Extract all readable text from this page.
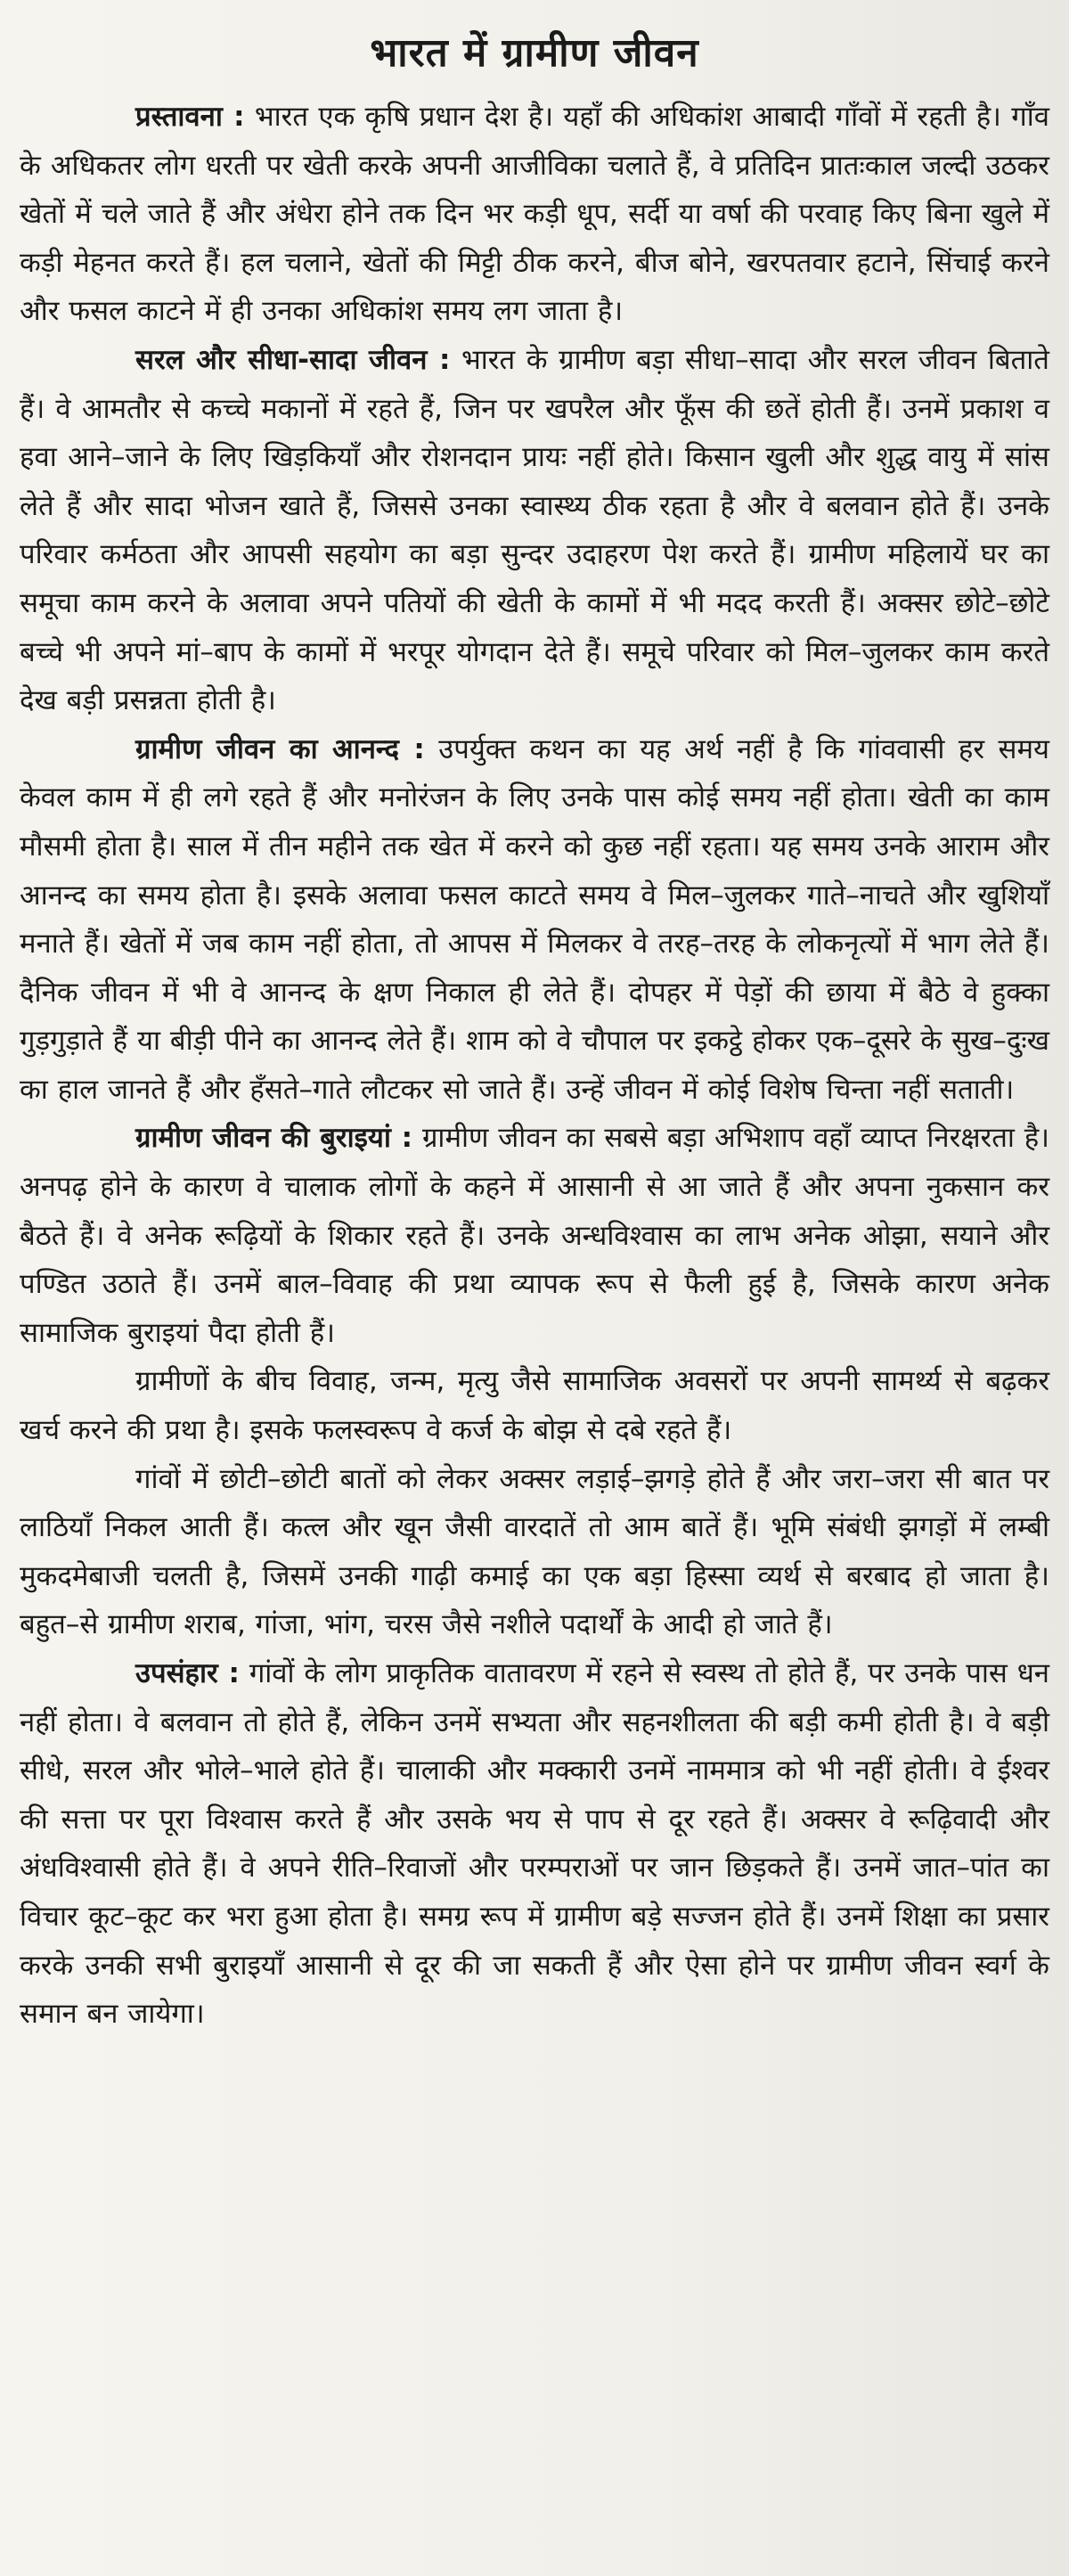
भारत में ग्रामीण जीवन

प्रस्तावना : भारत एक कृषि प्रधान देश है। यहाँ की अधिकांश आबादी गाँवों में रहती है। गाँव के अधिकतर लोग धरती पर खेती करके अपनी आजीविका चलाते हैं, वे प्रतिदिन प्रातःकाल जल्दी उठकर खेतों में चले जाते हैं और अंधेरा होने तक दिन भर कड़ी धूप, सर्दी या वर्षा की परवाह किए बिना खुले में कड़ी मेहनत करते हैं। हल चलाने, खेतों की मिट्टी ठीक करने, बीज बोने, खरपतवार हटाने, सिंचाई करने और फसल काटने में ही उनका अधिकांश समय लग जाता है।

सरल और सीधा-सादा जीवन : भारत के ग्रामीण बड़ा सीधा–सादा और सरल जीवन बिताते हैं। वे आमतौर से कच्चे मकानों में रहते हैं, जिन पर खपरैल और फूँस की छतें होती हैं। उनमें प्रकाश व हवा आने–जाने के लिए खिड़कियाँ और रोशनदान प्रायः नहीं होते। किसान खुली और शुद्ध वायु में सांस लेते हैं और सादा भोजन खाते हैं, जिससे उनका स्वास्थ्य ठीक रहता है और वे बलवान होते हैं। उनके परिवार कर्मठता और आपसी सहयोग का बड़ा सुन्दर उदाहरण पेश करते हैं। ग्रामीण महिलायें घर का समूचा काम करने के अलावा अपने पतियों की खेती के कामों में भी मदद करती हैं। अक्सर छोटे–छोटे बच्चे भी अपने मां–बाप के कामों में भरपूर योगदान देते हैं। समूचे परिवार को मिल–जुलकर काम करते देख बड़ी प्रसन्नता होती है।

ग्रामीण जीवन का आनन्द : उपर्युक्त कथन का यह अर्थ नहीं है कि गांववासी हर समय केवल काम में ही लगे रहते हैं और मनोरंजन के लिए उनके पास कोई समय नहीं होता। खेती का काम मौसमी होता है। साल में तीन महीने तक खेत में करने को कुछ नहीं रहता। यह समय उनके आराम और आनन्द का समय होता है। इसके अलावा फसल काटते समय वे मिल–जुलकर गाते–नाचते और खुशियाँ मनाते हैं। खेतों में जब काम नहीं होता, तो आपस में मिलकर वे तरह–तरह के लोकनृत्यों में भाग लेते हैं। दैनिक जीवन में भी वे आनन्द के क्षण निकाल ही लेते हैं। दोपहर में पेड़ों की छाया में बैठे वे हुक्का गुड़गुड़ाते हैं या बीड़ी पीने का आनन्द लेते हैं। शाम को वे चौपाल पर इकट्ठे होकर एक–दूसरे के सुख–दुःख का हाल जानते हैं और हँसते–गाते लौटकर सो जाते हैं। उन्हें जीवन में कोई विशेष चिन्ता नहीं सताती।

ग्रामीण जीवन की बुराइयां : ग्रामीण जीवन का सबसे बड़ा अभिशाप वहाँ व्याप्त निरक्षरता है। अनपढ़ होने के कारण वे चालाक लोगों के कहने में आसानी से आ जाते हैं और अपना नुकसान कर बैठते हैं। वे अनेक रूढ़ियों के शिकार रहते हैं। उनके अन्धविश्वास का लाभ अनेक ओझा, सयाने और पण्डित उठाते हैं। उनमें बाल–विवाह की प्रथा व्यापक रूप से फैली हुई है, जिसके कारण अनेक सामाजिक बुराइयां पैदा होती हैं।

ग्रामीणों के बीच विवाह, जन्म, मृत्यु जैसे सामाजिक अवसरों पर अपनी सामर्थ्य से बढ़कर खर्च करने की प्रथा है। इसके फलस्वरूप वे कर्ज के बोझ से दबे रहते हैं।

गांवों में छोटी–छोटी बातों को लेकर अक्सर लड़ाई–झगड़े होते हैं और जरा–जरा सी बात पर लाठियाँ निकल आती हैं। कत्ल और खून जैसी वारदातें तो आम बातें हैं। भूमि संबंधी झगड़ों में लम्बी मुकदमेबाजी चलती है, जिसमें उनकी गाढ़ी कमाई का एक बड़ा हिस्सा व्यर्थ से बरबाद हो जाता है। बहुत–से ग्रामीण शराब, गांजा, भांग, चरस जैसे नशीले पदार्थों के आदी हो जाते हैं।

उपसंहार : गांवों के लोग प्राकृतिक वातावरण में रहने से स्वस्थ तो होते हैं, पर उनके पास धन नहीं होता। वे बलवान तो होते हैं, लेकिन उनमें सभ्यता और सहनशीलता की बड़ी कमी होती है। वे बड़ी सीधे, सरल और भोले–भाले होते हैं। चालाकी और मक्कारी उनमें नाममात्र को भी नहीं होती। वे ईश्वर की सत्ता पर पूरा विश्वास करते हैं और उसके भय से पाप से दूर रहते हैं। अक्सर वे रूढ़िवादी और अंधविश्वासी होते हैं। वे अपने रीति–रिवाजों और परम्पराओं पर जान छिड़कते हैं। उनमें जात–पांत का विचार कूट–कूट कर भरा हुआ होता है। समग्र रूप में ग्रामीण बड़े सज्जन होते हैं। उनमें शिक्षा का प्रसार करके उनकी सभी बुराइयाँ आसानी से दूर की जा सकती हैं और ऐसा होने पर ग्रामीण जीवन स्वर्ग के समान बन जायेगा।
